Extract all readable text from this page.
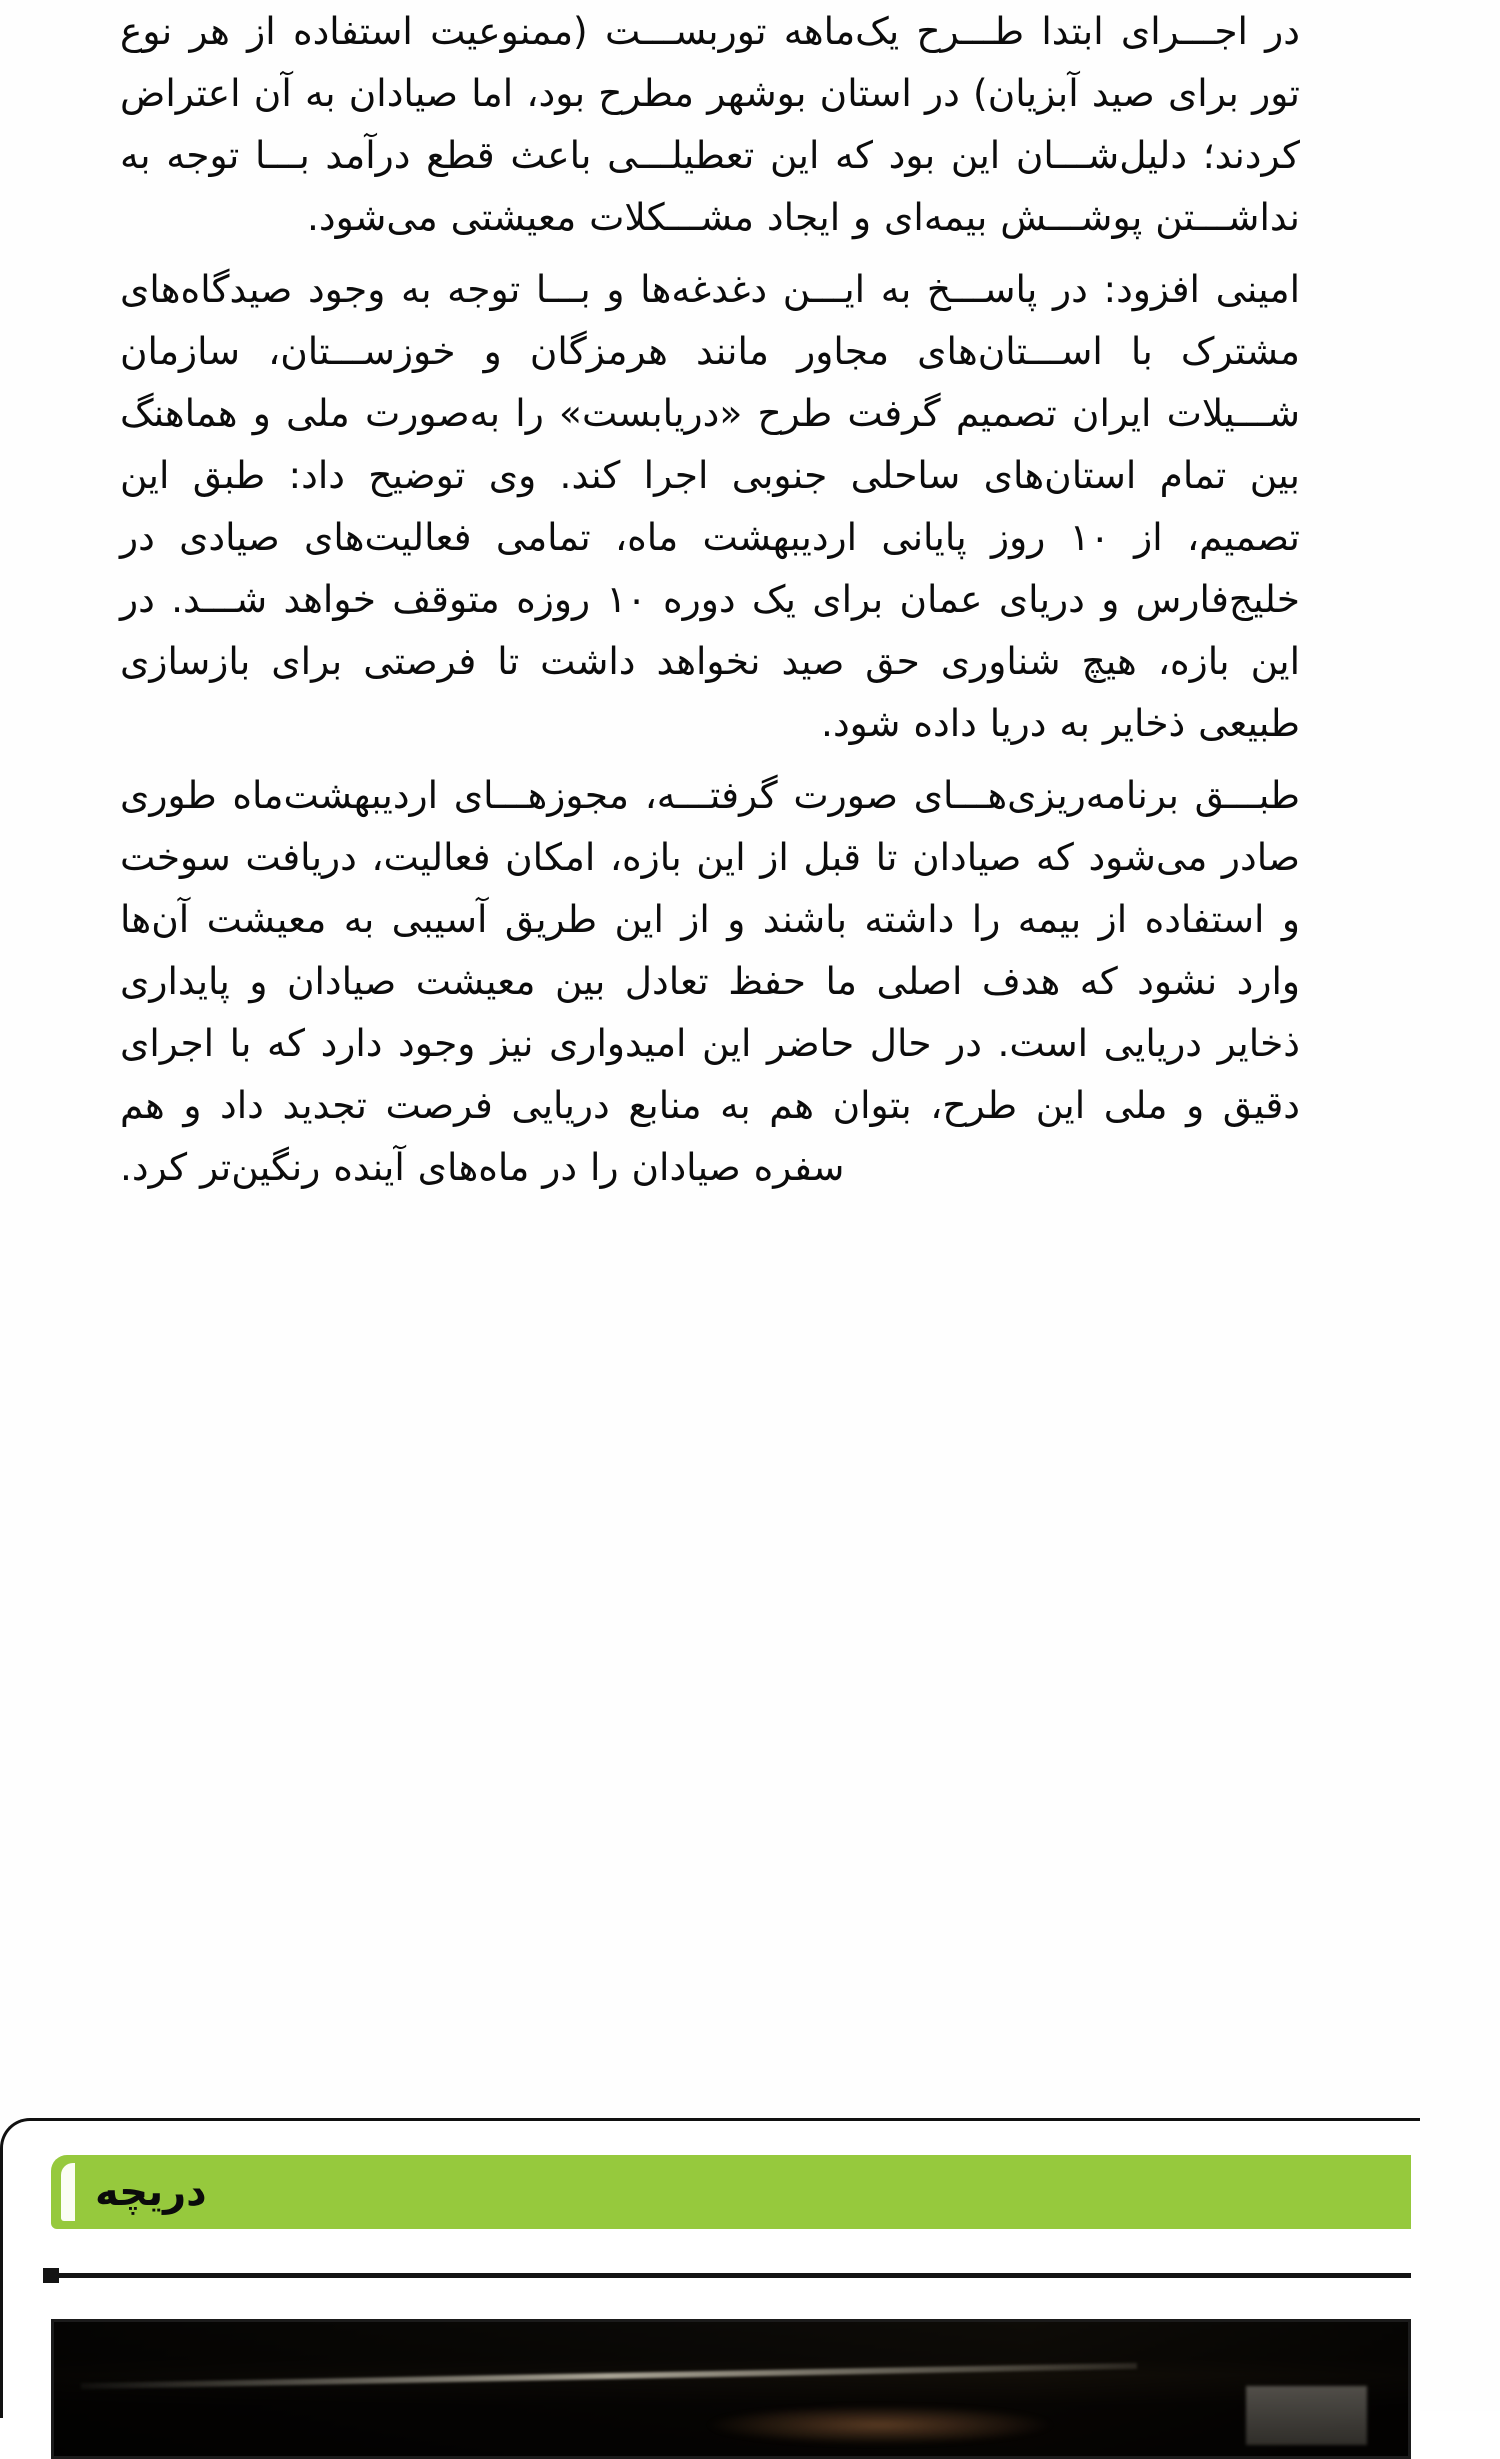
در اجـــرای ابتدا طـــرح یک‌ماهه توربســـت (ممنوعیت استفاده از هر نوع تور برای صید آبزیان) در استان بوشهر مطرح بود، اما صیادان به آن اعتراض کردند؛ دلیل‌شـــان این بود که این تعطیلـــی باعث قطع درآمد بـــا توجه به نداشـــتن پوشـــش بیمه‌ای و ایجاد مشـــکلات معیشتی می‌شود.

امینی افزود: در پاســـخ به ایـــن دغدغه‌ها و بـــا توجه به وجود صیدگاه‌های مشترک با اســـتان‌های مجاور مانند هرمزگان و خوزســـتان، سازمان شـــیلات ایران تصمیم گرفت طرح «دریابست» را به‌صورت ملی و هماهنگ بین تمام استان‌های ساحلی جنوبی اجرا کند. وی توضیح داد: طبق این تصمیم، از ۱۰ روز پایانی اردیبهشت ماه، تمامی فعالیت‌های صیادی در خلیج‌فارس و دریای عمان برای یک دوره ۱۰ روزه متوقف خواهد شـــد. در این بازه، هیچ شناوری حق صید نخواهد داشت تا فرصتی برای بازسازی طبیعی ذخایر به دریا داده شود.

طبـــق برنامه‌ریزی‌هـــای صورت گرفتـــه، مجوزهـــای اردیبهشت‌ماه طوری صادر می‌شود که صیادان تا قبل از این بازه، امکان فعالیت، دریافت سوخت و استفاده از بیمه را داشته باشند و از این طریق آسیبی به معیشت آن‌ها وارد نشود که هدف اصلی ما حفظ تعادل بین معیشت صیادان و پایداری ذخایر دریایی است. در حال حاضر این امیدواری نیز وجود دارد که با اجرای دقیق و ملی این طرح، بتوان هم به منابع دریایی فرصت تجدید داد و هم سفره صیادان را در ماه‌های آینده رنگین‌تر کرد.

دریچه
